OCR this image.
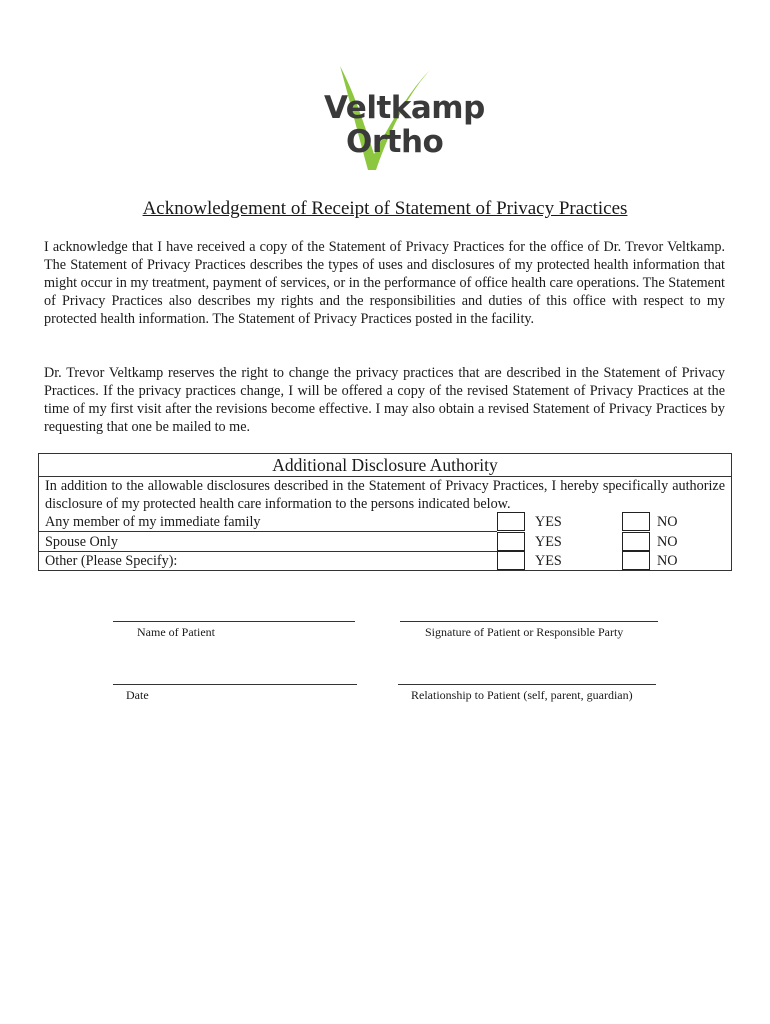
Veltkamp
Ortho
Acknowledgement of Receipt of Statement of Privacy Practices

I acknowledge that I have received a copy of the Statement of Privacy Practices for the office of Dr. Trevor Veltkamp. The Statement of Privacy Practices describes the types of uses and disclosures of my protected health information that might occur in my treatment, payment of services, or in the performance of office health care operations. The Statement of Privacy Practices also describes my rights and the responsibilities and duties of this office with respect to my protected health information. The Statement of Privacy Practices posted in the facility.

Dr. Trevor Veltkamp reserves the right to change the privacy practices that are described in the Statement of Privacy Practices. If the privacy practices change, I will be offered a copy of the revised Statement of Privacy Practices at the time of my first visit after the revisions become effective. I may also obtain a revised Statement of Privacy Practices by requesting that one be mailed to me.

Additional Disclosure Authority

In addition to the allowable disclosures described in the Statement of Privacy Practices, I hereby specifically authorize disclosure of my protected health care information to the persons indicated below.

Any member of my immediate family	YES	NO
Spouse Only	YES	NO
Other (Please Specify):	YES	NO
Name of Patient	Signature of Patient or Responsible Party
Date	Relationship to Patient (self, parent, guardian)
